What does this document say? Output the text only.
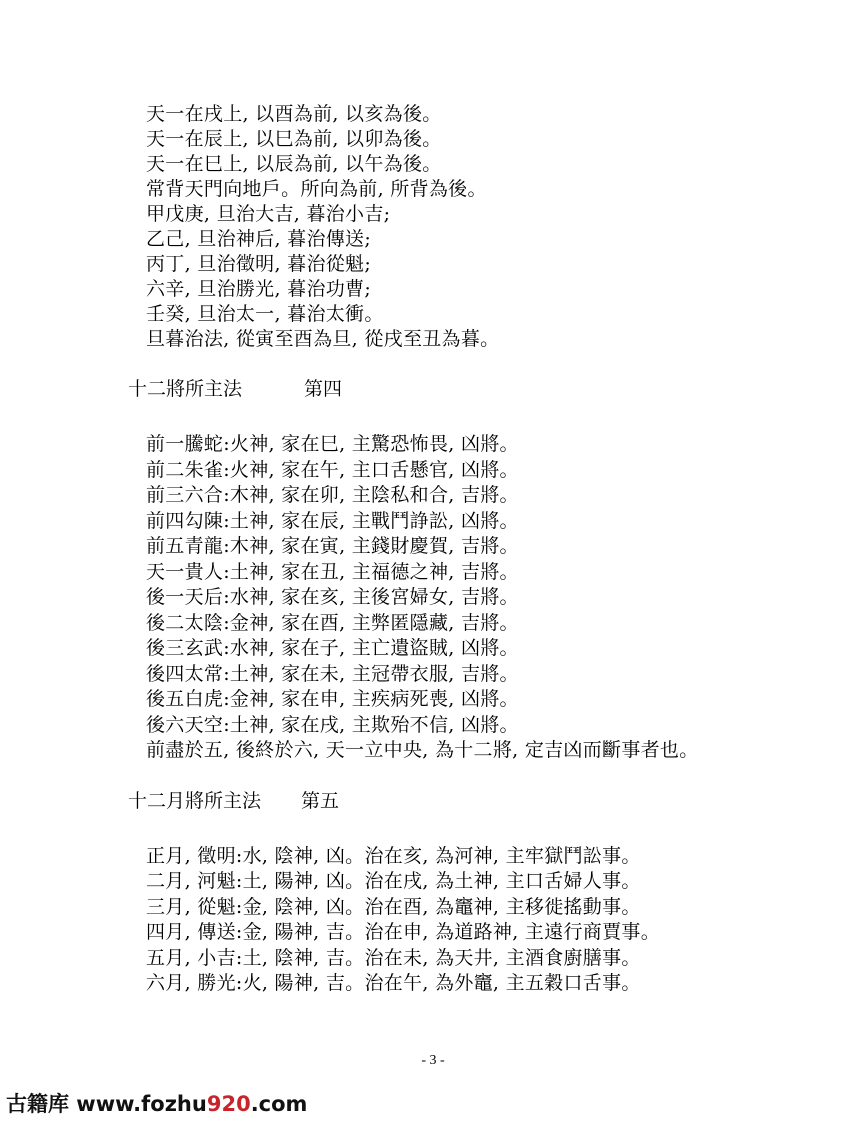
天一在戌上, 以酉為前, 以亥為後。
天一在辰上, 以巳為前, 以卯為後。
天一在巳上, 以辰為前, 以午為後。
常背天門向地戶。所向為前, 所背為後。
甲戊庚, 旦治大吉, 暮治小吉;
乙己, 旦治神后, 暮治傳送;
丙丁, 旦治徵明, 暮治從魁;
六辛, 旦治勝光, 暮治功曹;
壬癸, 旦治太一, 暮治太衝。
旦暮治法, 從寅至酉為旦, 從戌至丑為暮。
十二將所主法	第四
前一騰蛇:火神, 家在巳, 主驚恐怖畏, 凶將。
前二朱雀:火神, 家在午, 主口舌懸官, 凶將。
前三六合:木神, 家在卯, 主陰私和合, 吉將。
前四勾陳:土神, 家在辰, 主戰鬥諍訟, 凶將。
前五青龍:木神, 家在寅, 主錢財慶賀, 吉將。
天一貴人:土神, 家在丑, 主福德之神, 吉將。
後一天后:水神, 家在亥, 主後宮婦女, 吉將。
後二太陰:金神, 家在酉, 主弊匿隱藏, 吉將。
後三玄武:水神, 家在子, 主亡遺盜賊, 凶將。
後四太常:土神, 家在未, 主冠帶衣服, 吉將。
後五白虎:金神, 家在申, 主疾病死喪, 凶將。
後六天空:土神, 家在戌, 主欺殆不信, 凶將。
前盡於五, 後終於六, 天一立中央, 為十二將, 定吉凶而斷事者也。
十二月將所主法 第五
正月, 徵明:水, 陰神, 凶。治在亥, 為河神, 主牢獄鬥訟事。
二月, 河魁:土, 陽神, 凶。治在戌, 為土神, 主口舌婦人事。
三月, 從魁:金, 陰神, 凶。治在酉, 為竈神, 主移徙搖動事。
四月, 傳送:金, 陽神, 吉。治在申, 為道路神, 主遠行商賈事。
五月, 小吉:土, 陰神, 吉。治在未, 為天井, 主酒食廚膳事。
六月, 勝光:火, 陽神, 吉。治在午, 為外竈, 主五穀口舌事。
- 3 -
古籍库 www.fozhu920.com
